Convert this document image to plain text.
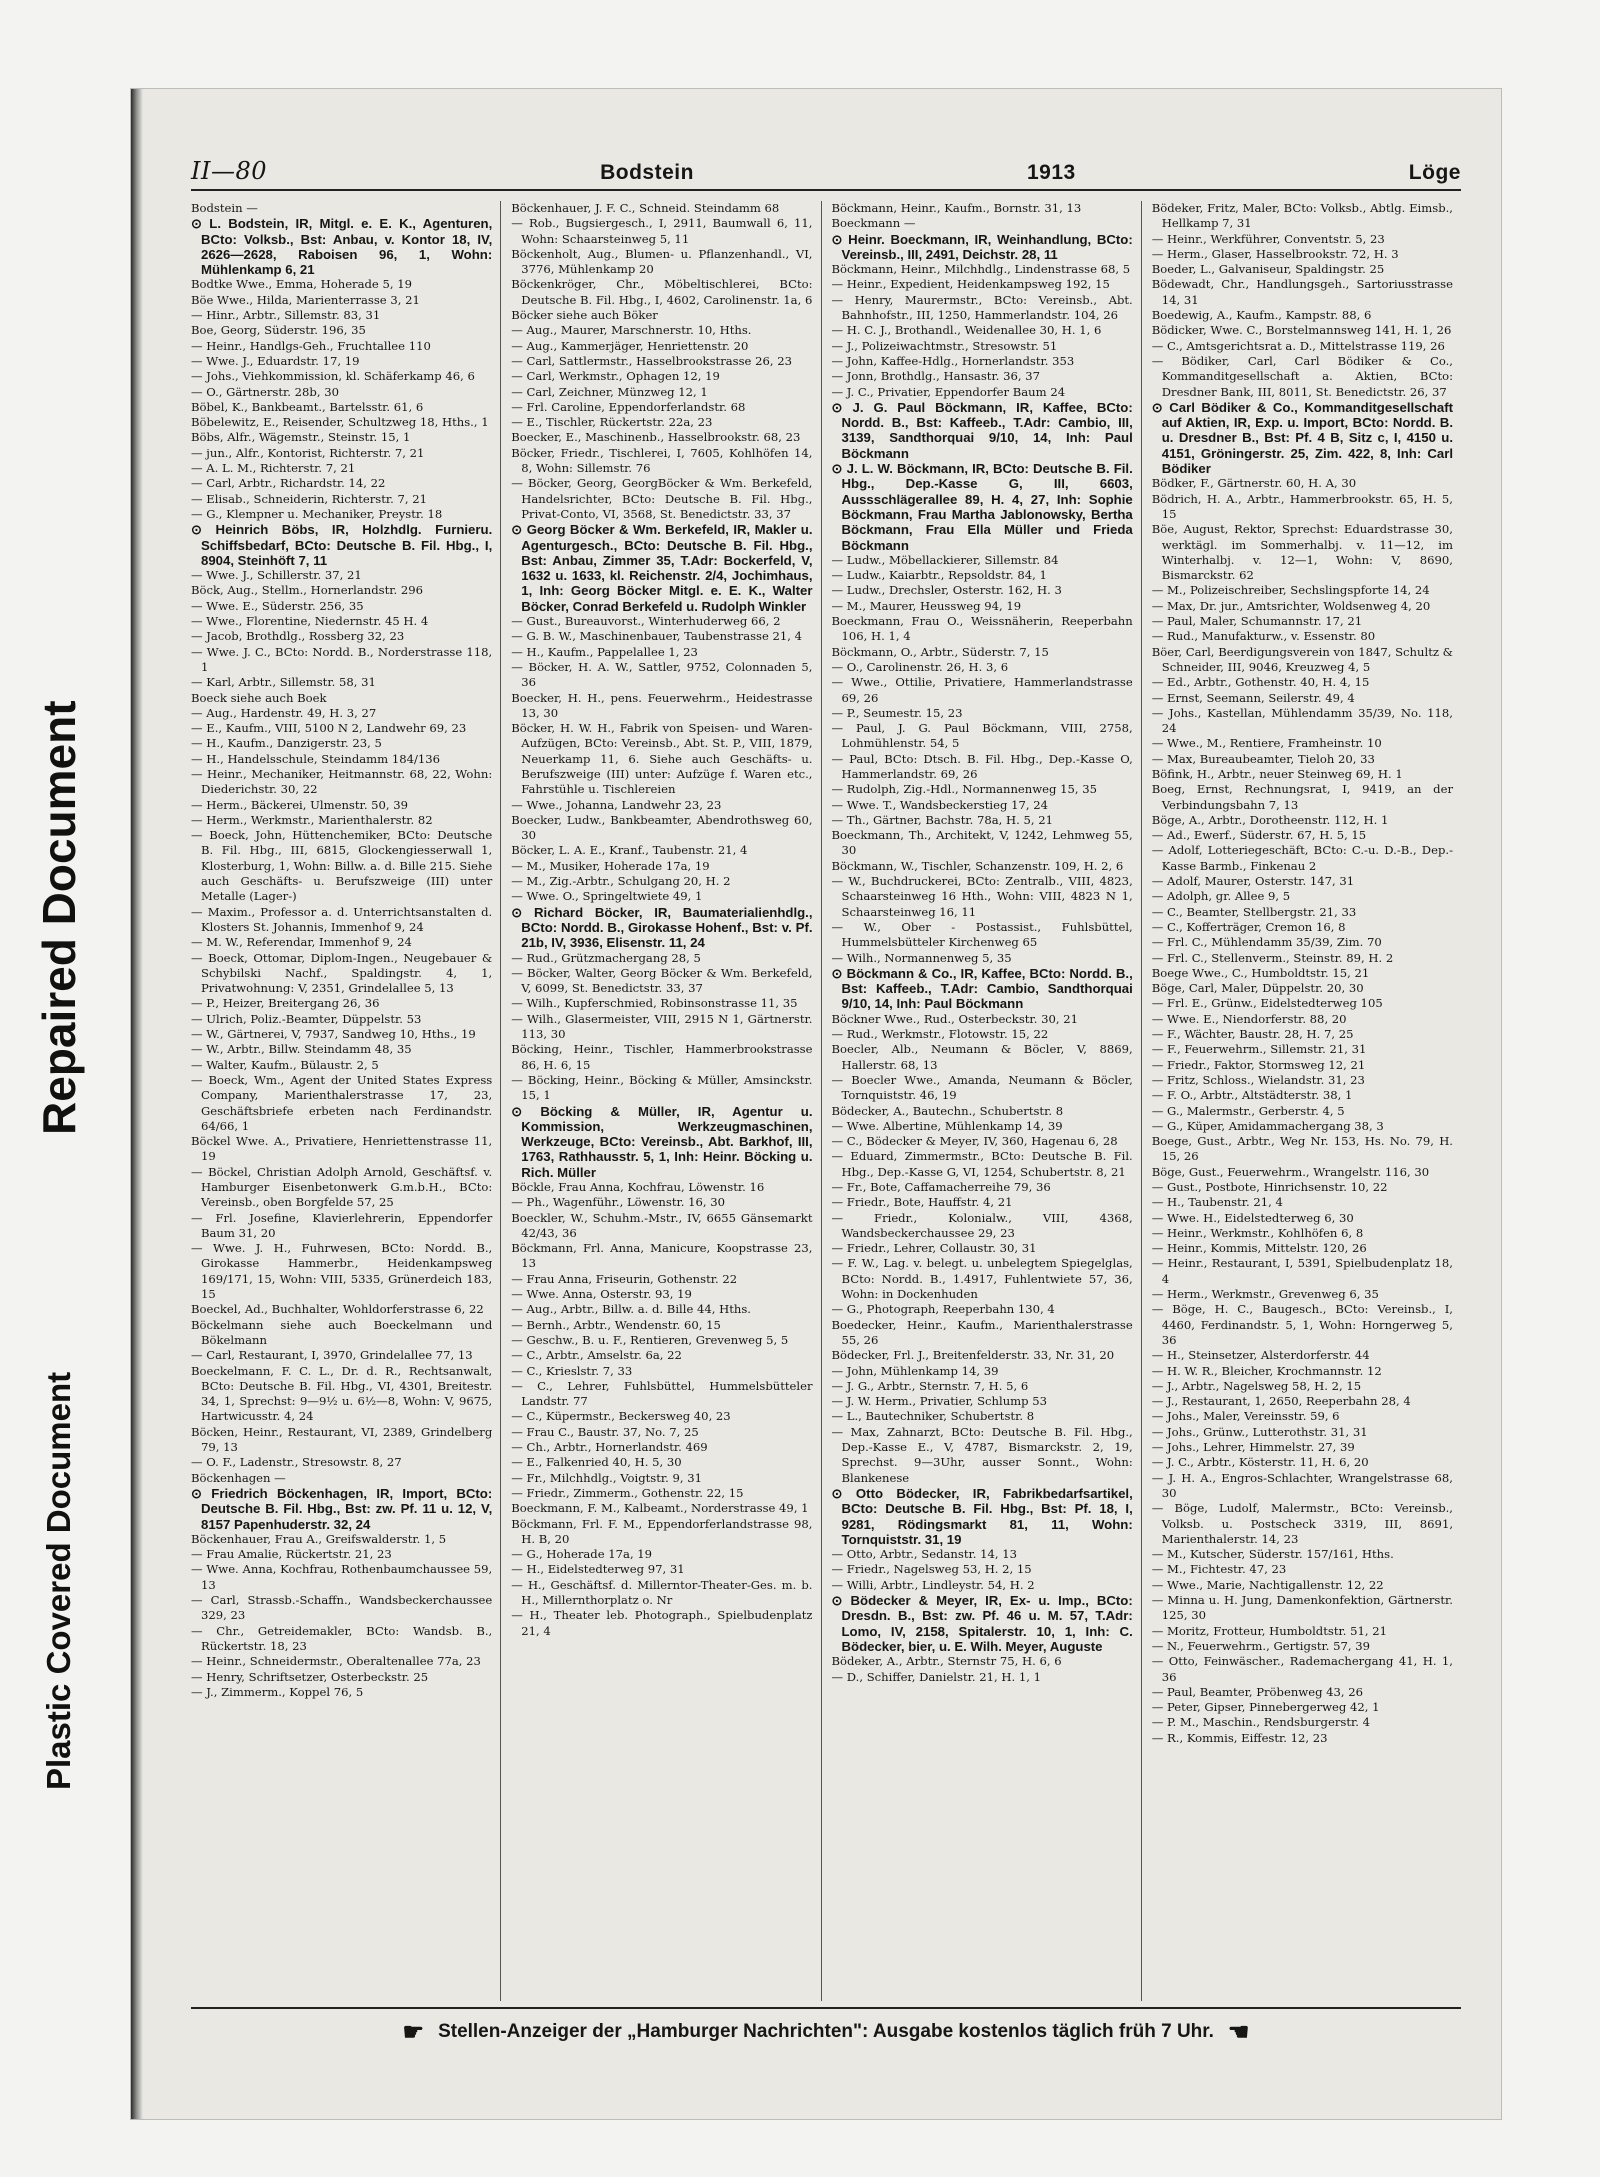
II—80	Bodstein	1913	Löge
Bodstein —
⊙ L. Bodstein, IR, Mitgl. e. E. K., Agenturen, BCto: Volksb., Bst: Anbau, v. Kontor 18, IV, 2626—2628, Raboisen 96, 1, Wohn: Mühlenkamp 6, 21
Bodtke Wwe., Emma, Hoherade 5, 19
Böe Wwe., Hilda, Marienterrasse 3, 21
— Hinr., Arbtr., Sillemstr. 83, 31
Boe, Georg, Süderstr. 196, 35
— Heinr., Handlgs-Geh., Fruchtallee 110
— Wwe. J., Eduardstr. 17, 19
— Johs., Viehkommission, kl. Schäferkamp 46, 6
— O., Gärtnerstr. 28b, 30
Böbel, K., Bankbeamt., Bartelsstr. 61, 6
Böbelewitz, E., Reisender, Schultzweg 18, Hths., 1
Böbs, Alfr., Wägemstr., Steinstr. 15, 1
— jun., Alfr., Kontorist, Richterstr. 7, 21
— A. L. M., Richterstr. 7, 21
— Carl, Arbtr., Richardstr. 14, 22
— Elisab., Schneiderin, Richterstr. 7, 21
— G., Klempner u. Mechaniker, Preystr. 18
⊙ Heinrich Böbs, IR, Holzhdlg. Furnieru. Schiffsbedarf, BCto: Deutsche B. Fil. Hbg., I, 8904, Steinhöft 7, 11
— Wwe. J., Schillerstr. 37, 21
Böck, Aug., Stellm., Hornerlandstr. 296
— Wwe. E., Süderstr. 256, 35
— Wwe., Florentine, Niedernstr. 45 H. 4
— Jacob, Brothdlg., Rossberg 32, 23
— Wwe. J. C., BCto: Nordd. B., Norderstrasse 118, 1
— Karl, Arbtr., Sillemstr. 58, 31
Boeck siehe auch Boek
— Aug., Hardenstr. 49, H. 3, 27
— E., Kaufm., VIII, 5100 N 2, Landwehr 69, 23
— H., Kaufm., Danzigerstr. 23, 5
— H., Handelsschule, Steindamm 184/136
— Heinr., Mechaniker, Heitmannstr. 68, 22, Wohn: Diederichstr. 30, 22
— Herm., Bäckerei, Ulmenstr. 50, 39
— Herm., Werkmstr., Marienthalerstr. 82
— Boeck, John, Hüttenchemiker, BCto: Deutsche B. Fil. Hbg., III, 6815, Glockengiesserwall 1, Klosterburg, 1, Wohn: Billw. a. d. Bille 215. Siehe auch Geschäfts- u. Berufszweige (III) unter Metalle (Lager-)
— Maxim., Professor a. d. Unterrichtsanstalten d. Klosters St. Johannis, Immenhof 9, 24
— M. W., Referendar, Immenhof 9, 24
— Boeck, Ottomar, Diplom-Ingen., Neugebauer & Schybilski Nachf., Spaldingstr. 4, 1, Privatwohnung: V, 2351, Grindelallee 5, 13
— P., Heizer, Breitergang 26, 36
— Ulrich, Poliz.-Beamter, Düppelstr. 53
— W., Gärtnerei, V, 7937, Sandweg 10, Hths., 19
— W., Arbtr., Billw. Steindamm 48, 35
— Walter, Kaufm., Bülaustr. 2, 5
— Boeck, Wm., Agent der United States Express Company, Marienthalerstrasse 17, 23, Geschäftsbriefe erbeten nach Ferdinandstr. 64/66, 1
Böckel Wwe. A., Privatiere, Henriettenstrasse 11, 19
— Böckel, Christian Adolph Arnold, Geschäftsf. v. Hamburger Eisenbetonwerk G.m.b.H., BCto: Vereinsb., oben Borgfelde 57, 25
— Frl. Josefine, Klavierlehrerin, Eppendorfer Baum 31, 20
— Wwe. J. H., Fuhrwesen, BCto: Nordd. B., Girokasse Hammerbr., Heidenkampsweg 169/171, 15, Wohn: VIII, 5335, Grünerdeich 183, 15
Boeckel, Ad., Buchhalter, Wohldorferstrasse 6, 22
Böckelmann siehe auch Boeckelmann und Bökelmann
— Carl, Restaurant, I, 3970, Grindelallee 77, 13
Boeckelmann, F. C. L., Dr. d. R., Rechtsanwalt, BCto: Deutsche B. Fil. Hbg., VI, 4301, Breitestr. 34, 1, Sprechst: 9—9½ u. 6½—8, Wohn: V, 9675, Hartwicusstr. 4, 24
Böcken, Heinr., Restaurant, VI, 2389, Grindelberg 79, 13
— O. F., Ladenstr., Stresowstr. 8, 27
Böckenhagen —
⊙ Friedrich Böckenhagen, IR, Import, BCto: Deutsche B. Fil. Hbg., Bst: zw. Pf. 11 u. 12, V, 8157 Papenhuderstr. 32, 24
Böckenhauer, Frau A., Greifswalderstr. 1, 5
— Frau Amalie, Rückertstr. 21, 23
— Wwe. Anna, Kochfrau, Rothenbaumchaussee 59, 13
— Carl, Strassb.-Schaffn., Wandsbeckerchaussee 329, 23
— Chr., Getreidemakler, BCto: Wandsb. B., Rückertstr. 18, 23
— Heinr., Schneidermstr., Oberaltenallee 77a, 23
— Henry, Schriftsetzer, Osterbeckstr. 25
— J., Zimmerm., Koppel 76, 5
Böckenhauer, J. F. C., Schneid. Steindamm 68
— Rob., Bugsiergesch., I, 2911, Baumwall 6, 11, Wohn: Schaarsteinweg 5, 11
Böckenholt, Aug., Blumen- u. Pflanzenhandl., VI, 3776, Mühlenkamp 20
Böckenkröger, Chr., Möbeltischlerei, BCto: Deutsche B. Fil. Hbg., I, 4602, Carolinenstr. 1a, 6
Böcker siehe auch Böker
— Aug., Maurer, Marschnerstr. 10, Hths.
— Aug., Kammerjäger, Henriettenstr. 20
— Carl, Sattlermstr., Hasselbrookstrasse 26, 23
— Carl, Werkmstr., Ophagen 12, 19
— Carl, Zeichner, Münzweg 12, 1
— Frl. Caroline, Eppendorferlandstr. 68
— E., Tischler, Rückertstr. 22a, 23
Boecker, E., Maschinenb., Hasselbrookstr. 68, 23
Böcker, Friedr., Tischlerei, I, 7605, Kohlhöfen 14, 8, Wohn: Sillemstr. 76
— Böcker, Georg, GeorgBöcker & Wm. Berkefeld, Handelsrichter, BCto: Deutsche B. Fil. Hbg., Privat-Conto, VI, 3568, St. Benedictstr. 33, 37
⊙ Georg Böcker & Wm. Berkefeld, IR, Makler u. Agenturgesch., BCto: Deutsche B. Fil. Hbg., Bst: Anbau, Zimmer 35, T.Adr: Bockerfeld, V, 1632 u. 1633, kl. Reichenstr. 2/4, Jochimhaus, 1, Inh: Georg Böcker Mitgl. e. E. K., Walter Böcker, Conrad Berkefeld u. Rudolph Winkler
— Gust., Bureauvorst., Winterhuderweg 66, 2
— G. B. W., Maschinenbauer, Taubenstrasse 21, 4
— H., Kaufm., Pappelallee 1, 23
— Böcker, H. A. W., Sattler, 9752, Colonnaden 5, 36
Boecker, H. H., pens. Feuerwehrm., Heidestrasse 13, 30
Böcker, H. W. H., Fabrik von Speisen- und Waren-Aufzügen, BCto: Vereinsb., Abt. St. P., VIII, 1879, Neuerkamp 11, 6. Siehe auch Geschäfts- u. Berufszweige (III) unter: Aufzüge f. Waren etc., Fahrstühle u. Tischlereien
— Wwe., Johanna, Landwehr 23, 23
Boecker, Ludw., Bankbeamter, Abendrothsweg 60, 30
Böcker, L. A. E., Kranf., Taubenstr. 21, 4
— M., Musiker, Hoherade 17a, 19
— M., Zig.-Arbtr., Schulgang 20, H. 2
— Wwe. O., Springeltwiete 49, 1
⊙ Richard Böcker, IR, Baumaterialienhdlg., BCto: Nordd. B., Girokasse Hohenf., Bst: v. Pf. 21b, IV, 3936, Elisenstr. 11, 24
— Rud., Grützmachergang 28, 5
— Böcker, Walter, Georg Böcker & Wm. Berkefeld, V, 6099, St. Benedictstr. 33, 37
— Wilh., Kupferschmied, Robinsonstrasse 11, 35
— Wilh., Glasermeister, VIII, 2915 N 1, Gärtnerstr. 113, 30
Böcking, Heinr., Tischler, Hammerbrookstrasse 86, H. 6, 15
— Böcking, Heinr., Böcking & Müller, Amsinckstr. 15, 1
⊙ Böcking & Müller, IR, Agentur u. Kommission, Werkzeugmaschinen, Werkzeuge, BCto: Vereinsb., Abt. Barkhof, III, 1763, Rathhausstr. 5, 1, Inh: Heinr. Böcking u. Rich. Müller
Böckle, Frau Anna, Kochfrau, Löwenstr. 16
— Ph., Wagenführ., Löwenstr. 16, 30
Boeckler, W., Schuhm.-Mstr., IV, 6655 Gänsemarkt 42/43, 36
Böckmann, Frl. Anna, Manicure, Koopstrasse 23, 13
— Frau Anna, Friseurin, Gothenstr. 22
— Wwe. Anna, Osterstr. 93, 19
— Aug., Arbtr., Billw. a. d. Bille 44, Hths.
— Bernh., Arbtr., Wendenstr. 60, 15
— Geschw., B. u. F., Rentieren, Grevenweg 5, 5
— C., Arbtr., Amselstr. 6a, 22
— C., Krieslstr. 7, 33
— C., Lehrer, Fuhlsbüttel, Hummelsbütteler Landstr. 77
— C., Küpermstr., Beckersweg 40, 23
— Frau C., Baustr. 37, No. 7, 25
— Ch., Arbtr., Hornerlandstr. 469
— E., Falkenried 40, H. 5, 30
— Fr., Milchhdlg., Voigtstr. 9, 31
— Friedr., Zimmerm., Gothenstr. 22, 15
Boeckmann, F. M., Kalbeamt., Norderstrasse 49, 1
Böckmann, Frl. F. M., Eppendorferlandstrasse 98, H. B, 20
— G., Hoherade 17a, 19
— H., Eidelstedterweg 97, 31
— H., Geschäftsf. d. Millerntor-Theater-Ges. m. b. H., Millernthorplatz o. Nr
— H., Theater leb. Photograph., Spielbudenplatz 21, 4
Böckmann, Heinr., Kaufm., Bornstr. 31, 13
Boeckmann —
⊙ Heinr. Boeckmann, IR, Weinhandlung, BCto: Vereinsb., III, 2491, Deichstr. 28, 11
Böckmann, Heinr., Milchhdlg., Lindenstrasse 68, 5
— Heinr., Expedient, Heidenkampsweg 192, 15
— Henry, Maurermstr., BCto: Vereinsb., Abt. Bahnhofstr., III, 1250, Hammerlandstr. 104, 26
— H. C. J., Brothandl., Weidenallee 30, H. 1, 6
— J., Polizeiwachtmstr., Stresowstr. 51
— John, Kaffee-Hdlg., Hornerlandstr. 353
— Jonn, Brothdlg., Hansastr. 36, 37
— J. C., Privatier, Eppendorfer Baum 24
⊙ J. G. Paul Böckmann, IR, Kaffee, BCto: Nordd. B., Bst: Kaffeeb., T.Adr: Cambio, III, 3139, Sandthorquai 9/10, 14, Inh: Paul Böckmann
⊙ J. L. W. Böckmann, IR, BCto: Deutsche B. Fil. Hbg., Dep.-Kasse G, III, 6603, Aussschlägerallee 89, H. 4, 27, Inh: Sophie Böckmann, Frau Martha Jablonowsky, Bertha Böckmann, Frau Ella Müller und Frieda Böckmann
— Ludw., Möbellackierer, Sillemstr. 84
— Ludw., Kaiarbtr., Repsoldstr. 84, 1
— Ludw., Drechsler, Osterstr. 162, H. 3
— M., Maurer, Heussweg 94, 19
Boeckmann, Frau O., Weissnäherin, Reeperbahn 106, H. 1, 4
Böckmann, O., Arbtr., Süderstr. 7, 15
— O., Carolinenstr. 26, H. 3, 6
— Wwe., Ottilie, Privatiere, Hammerlandstrasse 69, 26
— P., Seumestr. 15, 23
— Paul, J. G. Paul Böckmann, VIII, 2758, Lohmühlenstr. 54, 5
— Paul, BCto: Dtsch. B. Fil. Hbg., Dep.-Kasse O, Hammerlandstr. 69, 26
— Rudolph, Zig.-Hdl., Normannenweg 15, 35
— Wwe. T., Wandsbeckerstieg 17, 24
— Th., Gärtner, Bachstr. 78a, H. 5, 21
Boeckmann, Th., Architekt, V, 1242, Lehmweg 55, 30
Böckmann, W., Tischler, Schanzenstr. 109, H. 2, 6
— W., Buchdruckerei, BCto: Zentralb., VIII, 4823, Schaarsteinweg 16 Hth., Wohn: VIII, 4823 N 1, Schaarsteinweg 16, 11
— W., Ober - Postassist., Fuhlsbüttel, Hummelsbütteler Kirchenweg 65
— Wilh., Normannenweg 5, 35
⊙ Böckmann & Co., IR, Kaffee, BCto: Nordd. B., Bst: Kaffeeb., T.Adr: Cambio, Sandthorquai 9/10, 14, Inh: Paul Böckmann
Böckner Wwe., Rud., Osterbeckstr. 30, 21
— Rud., Werkmstr., Flotowstr. 15, 22
Boecler, Alb., Neumann & Böcler, V, 8869, Hallerstr. 68, 13
— Boecler Wwe., Amanda, Neumann & Böcler, Tornquiststr. 46, 19
Bödecker, A., Bautechn., Schubertstr. 8
— Wwe. Albertine, Mühlenkamp 14, 39
— C., Bödecker & Meyer, IV, 360, Hagenau 6, 28
— Eduard, Zimmermstr., BCto: Deutsche B. Fil. Hbg., Dep.-Kasse G, VI, 1254, Schubertstr. 8, 21
— Fr., Bote, Caffamacherreihe 79, 36
— Friedr., Bote, Hauffstr. 4, 21
— Friedr., Kolonialw., VIII, 4368, Wandsbeckerchaussee 29, 23
— Friedr., Lehrer, Collaustr. 30, 31
— F. W., Lag. v. belegt. u. unbelegtem Spiegelglas, BCto: Nordd. B., 1.4917, Fuhlentwiete 57, 36, Wohn: in Dockenhuden
— G., Photograph, Reeperbahn 130, 4
Boedecker, Heinr., Kaufm., Marienthalerstrasse 55, 26
Bödecker, Frl. J., Breitenfelderstr. 33, Nr. 31, 20
— John, Mühlenkamp 14, 39
— J. G., Arbtr., Sternstr. 7, H. 5, 6
— J. W. Herm., Privatier, Schlump 53
— L., Bautechniker, Schubertstr. 8
— Max, Zahnarzt, BCto: Deutsche B. Fil. Hbg., Dep.-Kasse E., V, 4787, Bismarckstr. 2, 19, Sprechst. 9—3Uhr, ausser Sonnt., Wohn: Blankenese
⊙ Otto Bödecker, IR, Fabrikbedarfsartikel, BCto: Deutsche B. Fil. Hbg., Bst: Pf. 18, I, 9281, Rödingsmarkt 81, 11, Wohn: Tornquiststr. 31, 19
— Otto, Arbtr., Sedanstr. 14, 13
— Friedr., Nagelsweg 53, H. 2, 15
— Willi, Arbtr., Lindleystr. 54, H. 2
⊙ Bödecker & Meyer, IR, Ex- u. Imp., BCto: Dresdn. B., Bst: zw. Pf. 46 u. M. 57, T.Adr: Lomo, IV, 2158, Spitalerstr. 10, 1, Inh: C. Bödecker, bier, u. E. Wilh. Meyer, Auguste
Bödeker, A., Arbtr., Sternstr 75, H. 6, 6
— D., Schiffer, Danielstr. 21, H. 1, 1
Bödeker, Fritz, Maler, BCto: Volksb., Abtlg. Eimsb., Hellkamp 7, 31
— Heinr., Werkführer, Conventstr. 5, 23
— Herm., Glaser, Hasselbrookstr. 72, H. 3
Boeder, L., Galvaniseur, Spaldingstr. 25
Bödewadt, Chr., Handlungsgeh., Sartoriusstrasse 14, 31
Boedewig, A., Kaufm., Kampstr. 88, 6
Bödicker, Wwe. C., Borstelmannsweg 141, H. 1, 26
— C., Amtsgerichtsrat a. D., Mittelstrasse 119, 26
— Bödiker, Carl, Carl Bödiker & Co., Kommanditgesellschaft a. Aktien, BCto: Dresdner Bank, III, 8011, St. Benedictstr. 26, 37
⊙ Carl Bödiker & Co., Kommanditgesellschaft auf Aktien, IR, Exp. u. Import, BCto: Nordd. B. u. Dresdner B., Bst: Pf. 4 B, Sitz c, I, 4150 u. 4151, Gröningerstr. 25, Zim. 422, 8, Inh: Carl Bödiker
Bödker, F., Gärtnerstr. 60, H. A, 30
Bödrich, H. A., Arbtr., Hammerbrookstr. 65, H. 5, 15
Böe, August, Rektor, Sprechst: Eduardstrasse 30, werktägl. im Sommerhalbj. v. 11—12, im Winterhalbj. v. 12—1, Wohn: V, 8690, Bismarckstr. 62
— M., Polizeischreiber, Sechslingspforte 14, 24
— Max, Dr. jur., Amtsrichter, Woldsenweg 4, 20
— Paul, Maler, Schumannstr. 17, 21
— Rud., Manufakturw., v. Essenstr. 80
Böer, Carl, Beerdigungsverein von 1847, Schultz & Schneider, III, 9046, Kreuzweg 4, 5
— Ed., Arbtr., Gothenstr. 40, H. 4, 15
— Ernst, Seemann, Seilerstr. 49, 4
— Johs., Kastellan, Mühlendamm 35/39, No. 118, 24
— Wwe., M., Rentiere, Framheinstr. 10
— Max, Bureaubeamter, Tieloh 20, 33
Böfink, H., Arbtr., neuer Steinweg 69, H. 1
Boeg, Ernst, Rechnungsrat, I, 9419, an der Verbindungsbahn 7, 13
Böge, A., Arbtr., Dorotheenstr. 112, H. 1
— Ad., Ewerf., Süderstr. 67, H. 5, 15
— Adolf, Lotteriegeschäft, BCto: C.-u. D.-B., Dep.-Kasse Barmb., Finkenau 2
— Adolf, Maurer, Osterstr. 147, 31
— Adolph, gr. Allee 9, 5
— C., Beamter, Stellbergstr. 21, 33
— C., Kofferträger, Cremon 16, 8
— Frl. C., Mühlendamm 35/39, Zim. 70
— Frl. C., Stellenverm., Steinstr. 89, H. 2
Boege Wwe., C., Humboldtstr. 15, 21
Böge, Carl, Maler, Düppelstr. 20, 30
— Frl. E., Grünw., Eidelstedterweg 105
— Wwe. E., Niendorferstr. 88, 20
— F., Wächter, Baustr. 28, H. 7, 25
— F., Feuerwehrm., Sillemstr. 21, 31
— Friedr., Faktor, Stormsweg 12, 21
— Fritz, Schloss., Wielandstr. 31, 23
— F. O., Arbtr., Altstädterstr. 38, 1
— G., Malermstr., Gerberstr. 4, 5
— G., Küper, Amidammachergang 38, 3
Boege, Gust., Arbtr., Weg Nr. 153, Hs. No. 79, H. 15, 26
Böge, Gust., Feuerwehrm., Wrangelstr. 116, 30
— Gust., Postbote, Hinrichsenstr. 10, 22
— H., Taubenstr. 21, 4
— Wwe. H., Eidelstedterweg 6, 30
— Heinr., Werkmstr., Kohlhöfen 6, 8
— Heinr., Kommis, Mittelstr. 120, 26
— Heinr., Restaurant, I, 5391, Spielbudenplatz 18, 4
— Herm., Werkmstr., Grevenweg 6, 35
— Böge, H. C., Baugesch., BCto: Vereinsb., I, 4460, Ferdinandstr. 5, 1, Wohn: Horngerweg 5, 36
— H., Steinsetzer, Alsterdorferstr. 44
— H. W. R., Bleicher, Krochmannstr. 12
— J., Arbtr., Nagelsweg 58, H. 2, 15
— J., Restaurant, 1, 2650, Reeperbahn 28, 4
— Johs., Maler, Vereinsstr. 59, 6
— Johs., Grünw., Lutterothstr. 31, 31
— Johs., Lehrer, Himmelstr. 27, 39
— J. C., Arbtr., Kösterstr. 11, H. 6, 20
— J. H. A., Engros-Schlachter, Wrangelstrasse 68, 30
— Böge, Ludolf, Malermstr., BCto: Vereinsb., Volksb. u. Postscheck 3319, III, 8691, Marienthalerstr. 14, 23
— M., Kutscher, Süderstr. 157/161, Hths.
— M., Fichtestr. 47, 23
— Wwe., Marie, Nachtigallenstr. 12, 22
— Minna u. H. Jung, Damenkonfektion, Gärtnerstr. 125, 30
— Moritz, Frotteur, Humboldtstr. 51, 21
— N., Feuerwehrm., Gertigstr. 57, 39
— Otto, Feinwäscher., Rademachergang 41, H. 1, 36
— Paul, Beamter, Pröbenweg 43, 26
— Peter, Gipser, Pinnebergerweg 42, 1
— P. M., Maschin., Rendsburgerstr. 4
— R., Kommis, Eiffestr. 12, 23
☛ Stellen-Anzeiger der „Hamburger Nachrichten": Ausgabe kostenlos täglich früh 7 Uhr. ☚
Repaired Document
Plastic Covered Document
